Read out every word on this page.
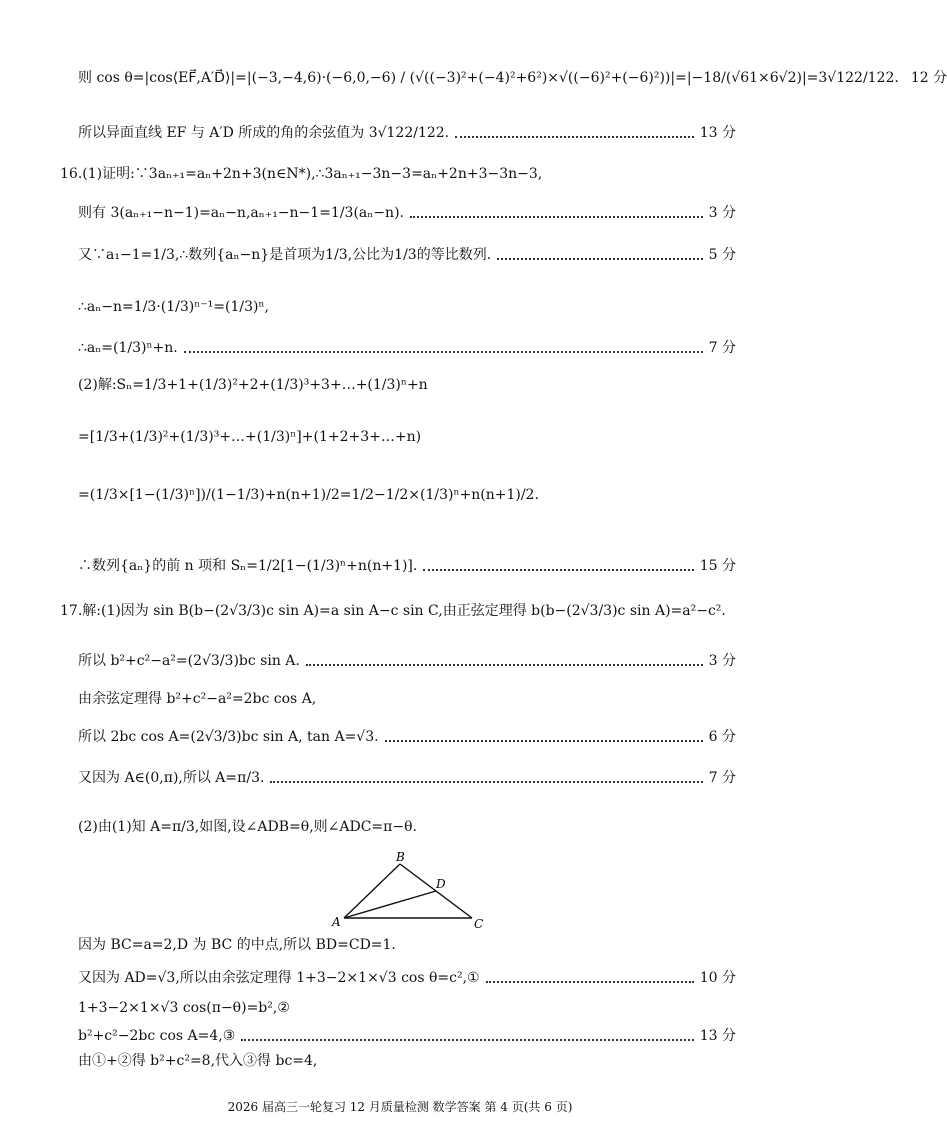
则 cos θ=|cos⟨EF⃗,A′D⃗⟩|=|(−3,−4,6)·(−6,0,−6) / (√((−3)²+(−4)²+6²)×√((−6)²+(−6)²))|=|−18/(√61×6√2)|=3√122/122. 12 分
所以异面直线 EF 与 A′D 所成的角的余弦值为 3√122/122.	13 分
16.(1)证明:∵3aₙ₊₁=aₙ+2n+3(n∈N*),∴3aₙ₊₁−3n−3=aₙ+2n+3−3n−3,
则有 3(aₙ₊₁−n−1)=aₙ−n,aₙ₊₁−n−1=1/3(aₙ−n).	3 分
又∵a₁−1=1/3,∴数列{aₙ−n}是首项为1/3,公比为1/3的等比数列.	5 分
∴aₙ−n=1/3·(1/3)ⁿ⁻¹=(1/3)ⁿ,
∴aₙ=(1/3)ⁿ+n.	7 分
(2)解:Sₙ=1/3+1+(1/3)²+2+(1/3)³+3+…+(1/3)ⁿ+n
=[1/3+(1/3)²+(1/3)³+…+(1/3)ⁿ]+(1+2+3+…+n)
=(1/3×[1−(1/3)ⁿ])/(1−1/3)+n(n+1)/2=1/2−1/2×(1/3)ⁿ+n(n+1)/2.
∴数列{aₙ}的前 n 项和 Sₙ=1/2[1−(1/3)ⁿ+n(n+1)].	15 分
17.解:(1)因为 sin B(b−(2√3/3)c sin A)=a sin A−c sin C,由正弦定理得 b(b−(2√3/3)c sin A)=a²−c².
所以 b²+c²−a²=(2√3/3)bc sin A.	3 分
由余弦定理得 b²+c²−a²=2bc cos A,
所以 2bc cos A=(2√3/3)bc sin A, tan A=√3.	6 分
又因为 A∈(0,π),所以 A=π/3.	7 分
(2)由(1)知 A=π/3,如图,设∠ADB=θ,则∠ADC=π−θ.
因为 BC=a=2,D 为 BC 的中点,所以 BD=CD=1.
又因为 AD=√3,所以由余弦定理得 1+3−2×1×√3 cos θ=c²,①	10 分
1+3−2×1×√3 cos(π−θ)=b²,②
b²+c²−2bc cos A=4,③	13 分
由①+②得 b²+c²=8,代入③得 bc=4,
B
D
A	C
2026 届高三一轮复习 12 月质量检测 数学答案 第 4 页(共 6 页)
